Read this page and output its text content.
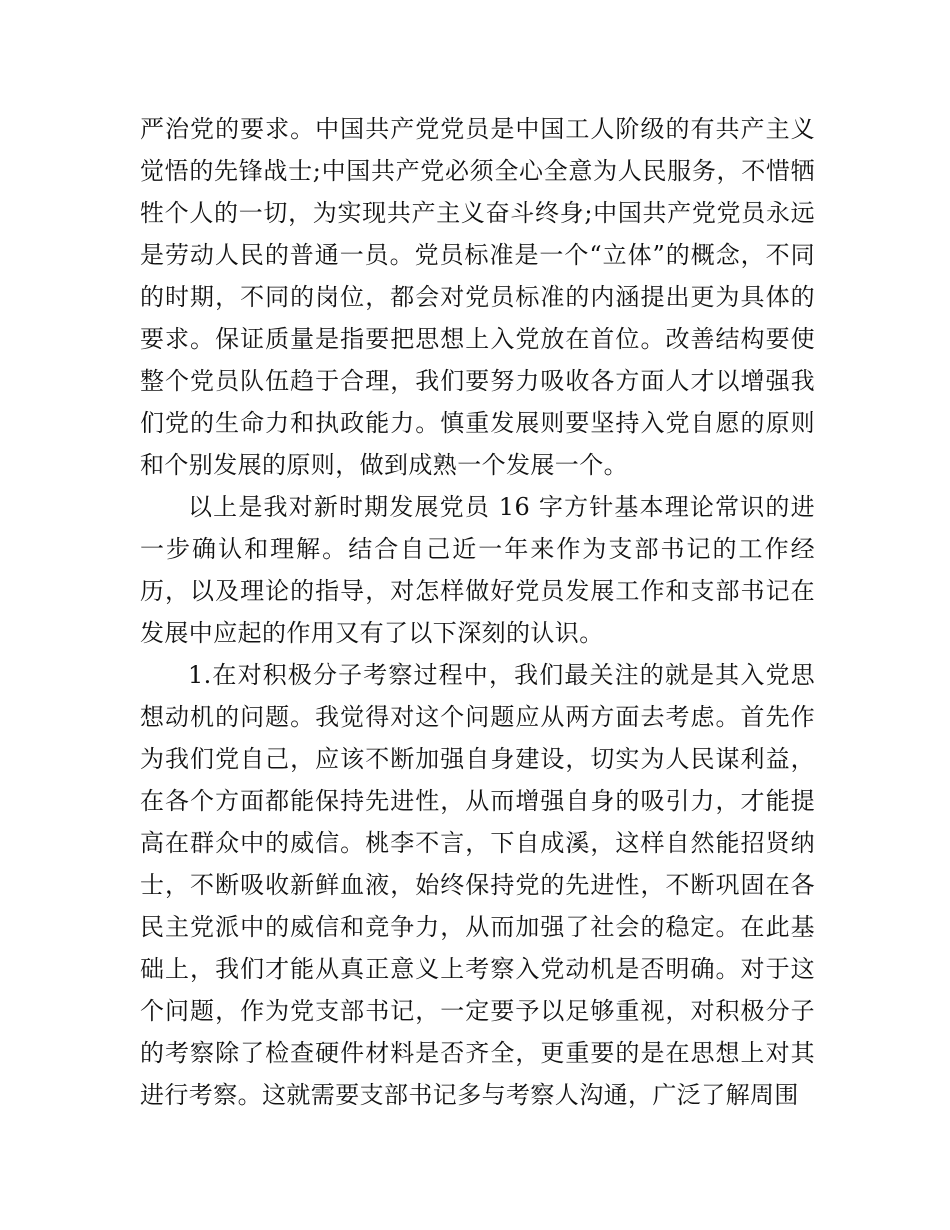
严治党的要求。中国共产党党员是中国工人阶级的有共产主义觉悟的先锋战士;中国共产党必须全心全意为人民服务，不惜牺牲个人的一切，为实现共产主义奋斗终身;中国共产党党员永远是劳动人民的普通一员。党员标准是一个“立体”的概念，不同的时期，不同的岗位，都会对党员标准的内涵提出更为具体的要求。保证质量是指要把思想上入党放在首位。改善结构要使整个党员队伍趋于合理，我们要努力吸收各方面人才以增强我们党的生命力和执政能力。慎重发展则要坚持入党自愿的原则和个别发展的原则，做到成熟一个发展一个。

以上是我对新时期发展党员 16 字方针基本理论常识的进一步确认和理解。结合自己近一年来作为支部书记的工作经历，以及理论的指导，对怎样做好党员发展工作和支部书记在发展中应起的作用又有了以下深刻的认识。

1.在对积极分子考察过程中，我们最关注的就是其入党思想动机的问题。我觉得对这个问题应从两方面去考虑。首先作为我们党自己，应该不断加强自身建设，切实为人民谋利益，在各个方面都能保持先进性，从而增强自身的吸引力，才能提高在群众中的威信。桃李不言，下自成溪，这样自然能招贤纳士，不断吸收新鲜血液，始终保持党的先进性，不断巩固在各民主党派中的威信和竞争力，从而加强了社会的稳定。在此基础上，我们才能从真正意义上考察入党动机是否明确。对于这个问题，作为党支部书记，一定要予以足够重视，对积极分子的考察除了检查硬件材料是否齐全，更重要的是在思想上对其进行考察。这就需要支部书记多与考察人沟通，广泛了解周围
